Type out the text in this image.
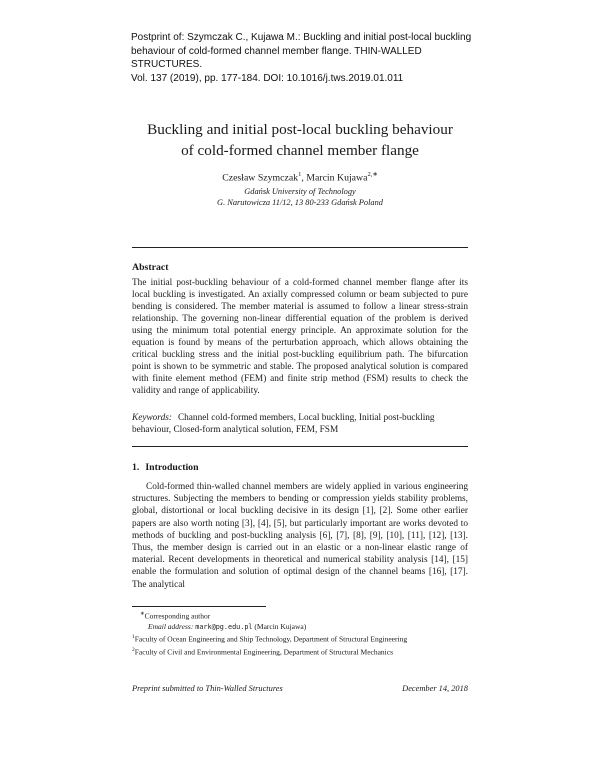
Postprint of: Szymczak C., Kujawa M.: Buckling and initial post-local buckling
behaviour of cold-formed channel member flange. THIN-WALLED STRUCTURES.
Vol. 137 (2019), pp. 177-184. DOI: 10.1016/j.tws.2019.01.011
Buckling and initial post-local buckling behaviour
of cold-formed channel member flange
Czesław Szymczak$^1$, Marcin Kujawa$^{2,∗}$
Gdańsk University of Technology
G. Narutowicza 11/12, 13 80-233 Gdańsk Poland
Abstract
The initial post-buckling behaviour of a cold-formed channel member flange after its local buckling is investigated. An axially compressed column or beam subjected to pure bending is considered. The member material is assumed to follow a linear stress-strain relationship. The governing non-linear differential equation of the problem is derived using the minimum total potential energy principle. An approximate solution for the equation is found by means of the perturbation approach, which allows obtaining the critical buckling stress and the initial post-buckling equilibrium path. The bifurcation point is shown to be symmetric and stable. The proposed analytical solution is compared with finite element method (FEM) and finite strip method (FSM) results to check the validity and range of applicability.
Keywords: Channel cold-formed members, Local buckling, Initial post-buckling behaviour, Closed-form analytical solution, FEM, FSM
1. Introduction
Cold-formed thin-walled channel members are widely applied in various engineering structures. Subjecting the members to bending or compression yields stability problems, global, distortional or local buckling decisive in its design [1], [2]. Some other earlier papers are also worth noting [3], [4], [5], but particularly important are works devoted to methods of buckling and post-buckling analysis [6], [7], [8], [9], [10], [11], [12], [13]. Thus, the member design is carried out in an elastic or a non-linear elastic range of material. Recent developments in theoretical and numerical stability analysis [14], [15] enable the formulation and solution of optimal design of the channel beams [16], [17]. The analytical
∗Corresponding author
Email address: mark@pg.edu.pl (Marcin Kujawa)
$^1$Faculty of Ocean Engineering and Ship Technology, Department of Structural Engineering
$^2$Faculty of Civil and Environmental Engineering, Department of Structural Mechanics
Preprint submitted to Thin-Walled Structures	December 14, 2018
